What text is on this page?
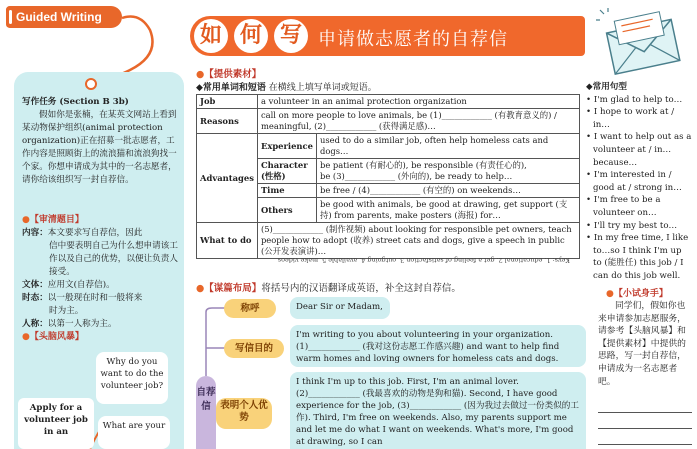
Guided Writing
如 何 写 申请做志愿者的自荐信
写作任务 (Section B 3b)
假如你是张楠，在某英文网站上看到某动物保护组织(animal protection organization)正在招募一批志愿者，工作内容是照顾街上的流浪猫和流浪狗找一个家。你想申请成为其中的一名志愿者，请你给该组织写一封自荐信。
●【审清题目】
内容：本文要求写自荐信，因此
信中要表明自己为什么想申请该工作以及自己的优势，以便让负责人接受。
文体：应用文(自荐信)。
时态：以一般现在时和一般将来
时为主。
人称：以第一人称为主。
●【头脑风暴】
Why do you want to do the volunteer job?
What are your
Apply for a volunteer job in an
●【提供素材】
◆常用单词和短语 在横线上填写单词或短语。
Job	a volunteer in an animal protection organization	
Reasons	call on more people to love animals, be (1)____________ (有教育意义的) / meaningful, (2)____________ (获得满足感)…	
Advantages	Experience	used to do a similar job, often help homeless cats and dogs…
	Character (性格)	be patient (有耐心的), be responsible (有责任心的),
be (3)____________ (外向的), be ready to help…
	Time	be free / (4)____________ (有空的) on weekends…
	Others	be good with animals, be good at drawing, get support (支持) from parents, make posters (海报) for…
What to do	(5)____________ (制作视频) about looking for responsible pet owners, teach people how to adopt (收养) street cats and dogs, give a speech in public (公开发表演讲)…	
Keys: 1. educational 2. get a feeling of satisfaction 3. outgoing 4. available 5. make videos
◆常用句型
• I'm glad to help to…
• I hope to work at / in…
• I want to help out as a volunteer at / in…because…
• I'm interested in / good at / strong in…
• I'm free to be a volunteer on…
• I'll try my best to…
• In my free time, I like to…so I think I'm up to (能胜任) this job / I can do this job well.
●【谋篇布局】将括号内的汉语翻译成英语，补全这封自荐信。
称呼
写信目的
表明个人优势
自荐信
Dear Sir or Madam,
I'm writing to you about volunteering in your organization. (1)____________ (我对这份志愿工作感兴趣) and want to help find warm homes and loving owners for homeless cats and dogs.
I think I'm up to this job. First, I'm an animal lover. (2)____________ (我最喜欢的动物是狗和猫). Second, I have good experience for the job, (3)____________ (因为我过去做过一份类似的工作). Third, I'm free on weekends. Also, my parents support me and let me do what I want on weekends. What's more, I'm good at drawing, so I can
●【小试身手】
同学们，假如你也来申请参加志愿服务，请参考【头脑风暴】和【提供素材】中提供的思路，写一封自荐信，申请成为一名志愿者吧。
